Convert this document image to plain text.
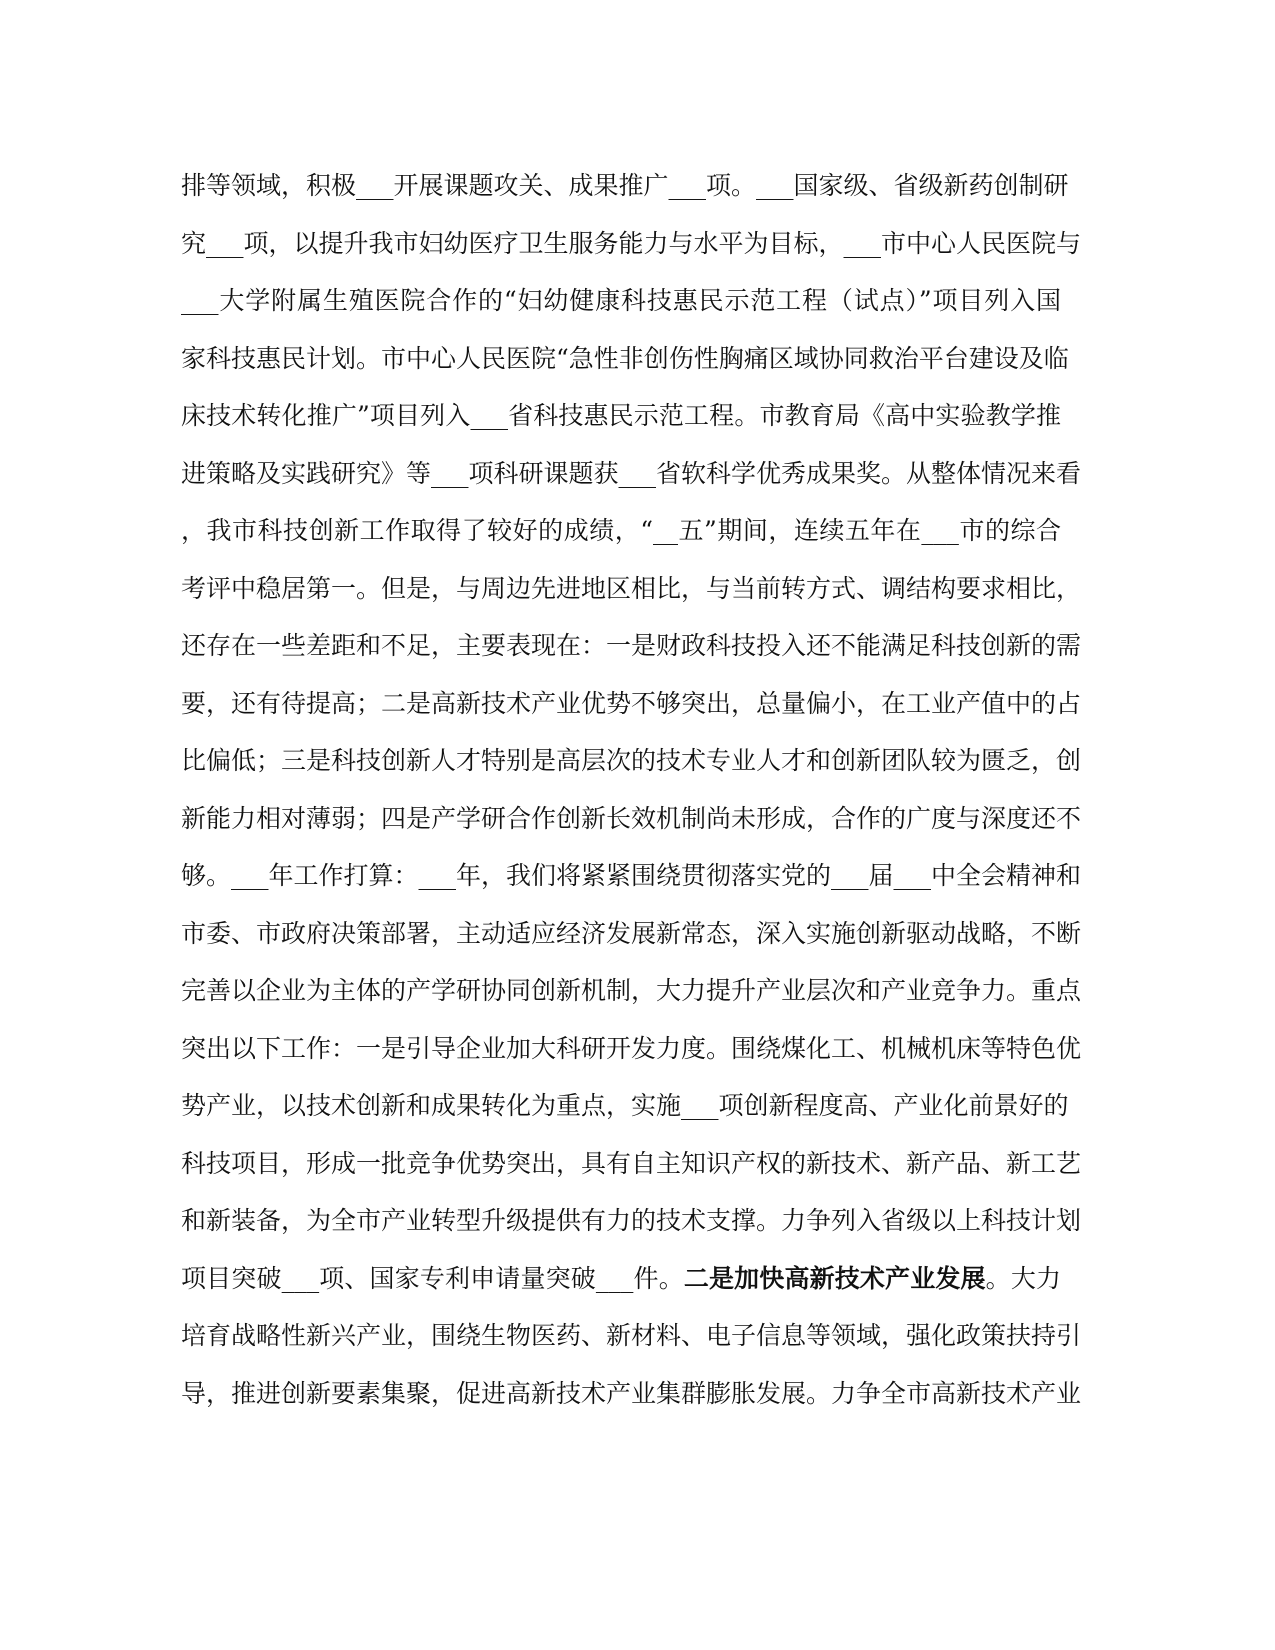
排等领域，积极___开展课题攻关、成果推广___项。___国家级、省级新药创制研
究___项，以提升我市妇幼医疗卫生服务能力与水平为目标，___市中心人民医院与
___大学附属生殖医院合作的“妇幼健康科技惠民示范工程（试点）”项目列入国
家科技惠民计划。市中心人民医院“急性非创伤性胸痛区域协同救治平台建设及临
床技术转化推广”项目列入___省科技惠民示范工程。市教育局《高中实验教学推
进策略及实践研究》等___项科研课题获___省软科学优秀成果奖。从整体情况来看
，我市科技创新工作取得了较好的成绩，“__五”期间，连续五年在___市的综合
考评中稳居第一。但是，与周边先进地区相比，与当前转方式、调结构要求相比，
还存在一些差距和不足，主要表现在：一是财政科技投入还不能满足科技创新的需
要，还有待提高；二是高新技术产业优势不够突出，总量偏小，在工业产值中的占
比偏低；三是科技创新人才特别是高层次的技术专业人才和创新团队较为匮乏，创
新能力相对薄弱；四是产学研合作创新长效机制尚未形成，合作的广度与深度还不
够。___年工作打算：___年，我们将紧紧围绕贯彻落实党的___届___中全会精神和
市委、市政府决策部署，主动适应经济发展新常态，深入实施创新驱动战略，不断
完善以企业为主体的产学研协同创新机制，大力提升产业层次和产业竞争力。重点
突出以下工作：一是引导企业加大科研开发力度。围绕煤化工、机械机床等特色优
势产业，以技术创新和成果转化为重点，实施___项创新程度高、产业化前景好的
科技项目，形成一批竞争优势突出，具有自主知识产权的新技术、新产品、新工艺
和新装备，为全市产业转型升级提供有力的技术支撑。力争列入省级以上科技计划
项目突破___项、国家专利申请量突破___件。二是加快高新技术产业发展。大力
培育战略性新兴产业，围绕生物医药、新材料、电子信息等领域，强化政策扶持引
导，推进创新要素集聚，促进高新技术产业集群膨胀发展。力争全市高新技术产业
